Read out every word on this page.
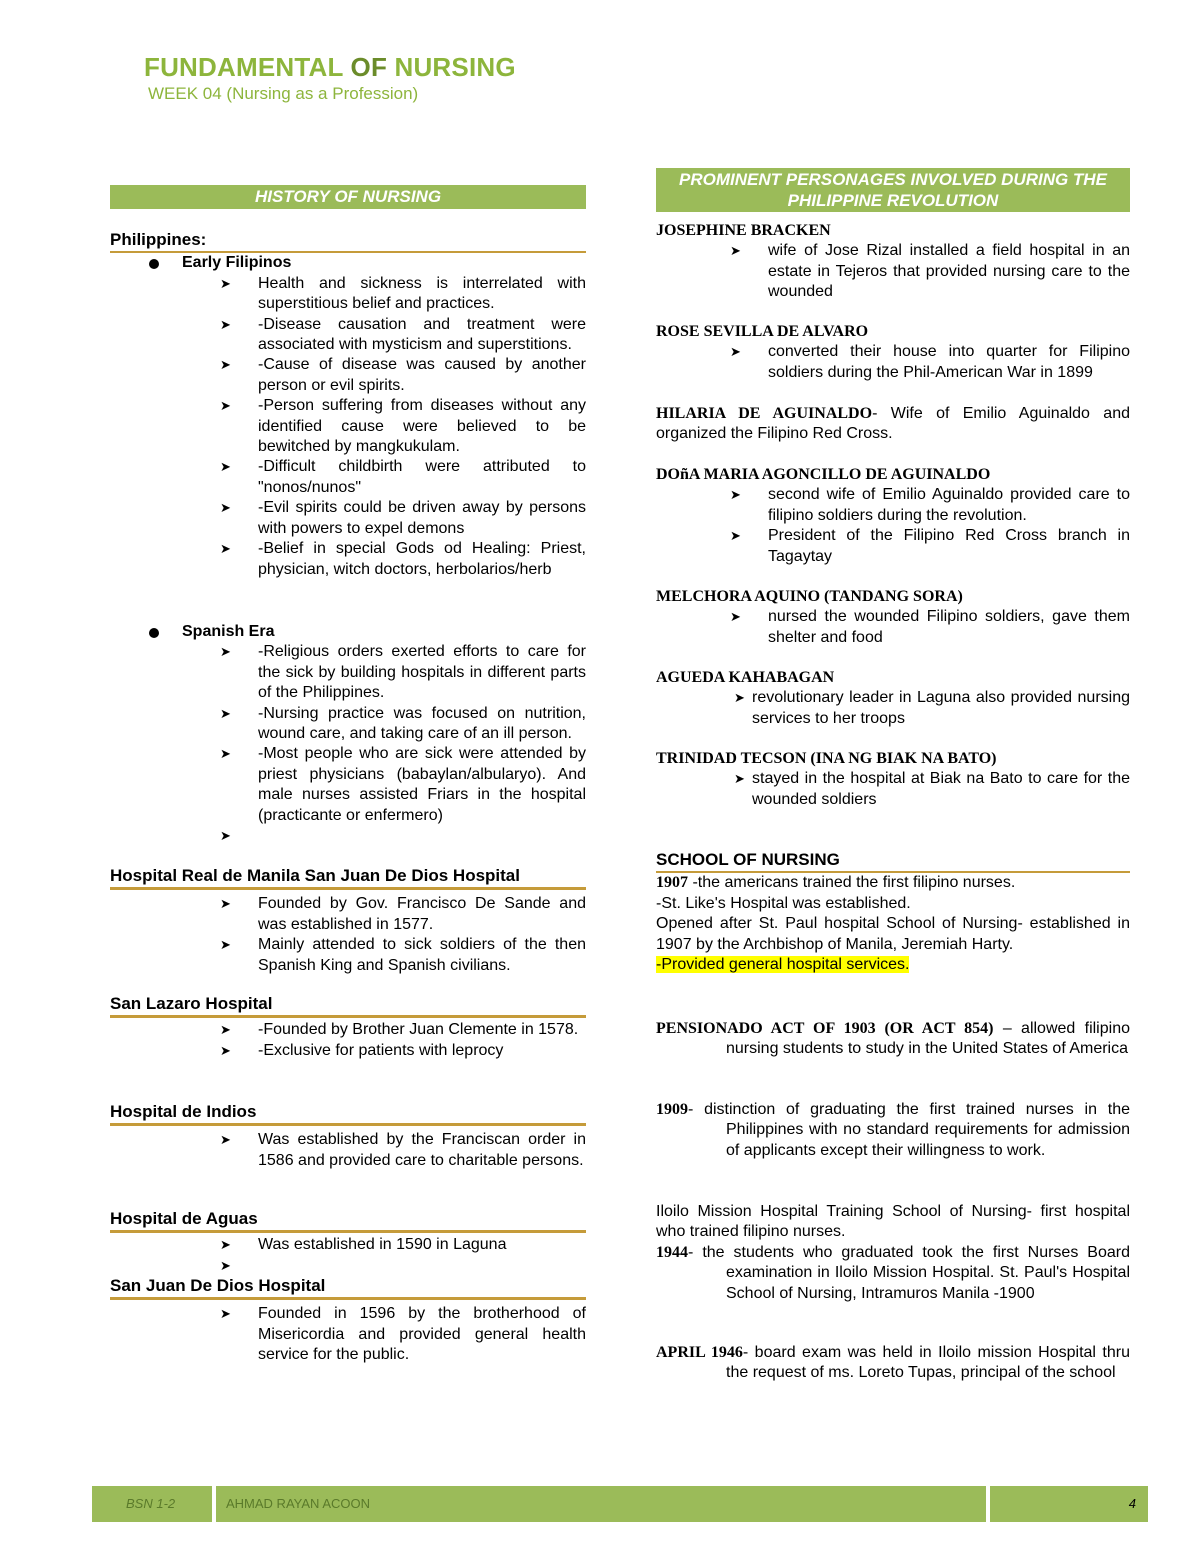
FUNDAMENTAL OF NURSING
WEEK 04 (Nursing as a Profession)
HISTORY OF NURSING
Philippines:
Early Filipinos
➤ Health and sickness is interrelated with superstitious belief and practices.
➤ -Disease causation and treatment were associated with mysticism and superstitions.
➤ -Cause of disease was caused by another person or evil spirits.
➤ -Person suffering from diseases without any identified cause were believed to be bewitched by mangkukulam.
➤ -Difficult childbirth were attributed to "nonos/nunos"
➤ -Evil spirits could be driven away by persons with powers to expel demons
➤ -Belief in special Gods od Healing: Priest, physician, witch doctors, herbolarios/herb
Spanish Era
➤ -Religious orders exerted efforts to care for the sick by building hospitals in different parts of the Philippines.
➤ -Nursing practice was focused on nutrition, wound care, and taking care of an ill person.
➤ -Most people who are sick were attended by priest physicians (babaylan/albularyo). And male nurses assisted Friars in the hospital (practicante or enfermero)
➤
Hospital Real de Manila San Juan De Dios Hospital
➤ Founded by Gov. Francisco De Sande and was established in 1577.
➤ Mainly attended to sick soldiers of the then Spanish King and Spanish civilians.
San Lazaro Hospital
➤ -Founded by Brother Juan Clemente in 1578.
➤ -Exclusive for patients with leprocy
Hospital de Indios
➤ Was established by the Franciscan order in 1586 and provided care to charitable persons.
Hospital de Aguas
➤ Was established in 1590 in Laguna
➤
San Juan De Dios Hospital
➤ Founded in 1596 by the brotherhood of Misericordia and provided general health service for the public.
PROMINENT PERSONAGES INVOLVED DURING THE PHILIPPINE REVOLUTION
JOSEPHINE BRACKEN
➤ wife of Jose Rizal installed a field hospital in an estate in Tejeros that provided nursing care to the wounded
ROSE SEVILLA DE ALVARO
➤ converted their house into quarter for Filipino soldiers during the Phil-American War in 1899
HILARIA DE AGUINALDO- Wife of Emilio Aguinaldo and organized the Filipino Red Cross.
DOñA MARIA AGONCILLO DE AGUINALDO
➤ second wife of Emilio Aguinaldo provided care to filipino soldiers during the revolution.
➤ President of the Filipino Red Cross branch in Tagaytay
MELCHORA AQUINO (TANDANG SORA)
➤ nursed the wounded Filipino soldiers, gave them shelter and food
AGUEDA KAHABAGAN
➤ revolutionary leader in Laguna also provided nursing services to her troops
TRINIDAD TECSON (INA NG BIAK NA BATO)
➤ stayed in the hospital at Biak na Bato to care for the wounded soldiers
SCHOOL OF NURSING
1907 -the americans trained the first filipino nurses.
-St. Like's Hospital was established.
Opened after St. Paul hospital School of Nursing- established in 1907 by the Archbishop of Manila, Jeremiah Harty.
-Provided general hospital services.
PENSIONADO ACT OF 1903 (OR ACT 854) – allowed filipino nursing students to study in the United States of America
1909- distinction of graduating the first trained nurses in the Philippines with no standard requirements for admission of applicants except their willingness to work.
Iloilo Mission Hospital Training School of Nursing- first hospital who trained filipino nurses.
1944- the students who graduated took the first Nurses Board examination in Iloilo Mission Hospital. St. Paul's Hospital School of Nursing, Intramuros Manila -1900
APRIL 1946- board exam was held in Iloilo mission Hospital thru the request of ms. Loreto Tupas, principal of the school
BSN 1-2	AHMAD RAYAN ACOON	4
